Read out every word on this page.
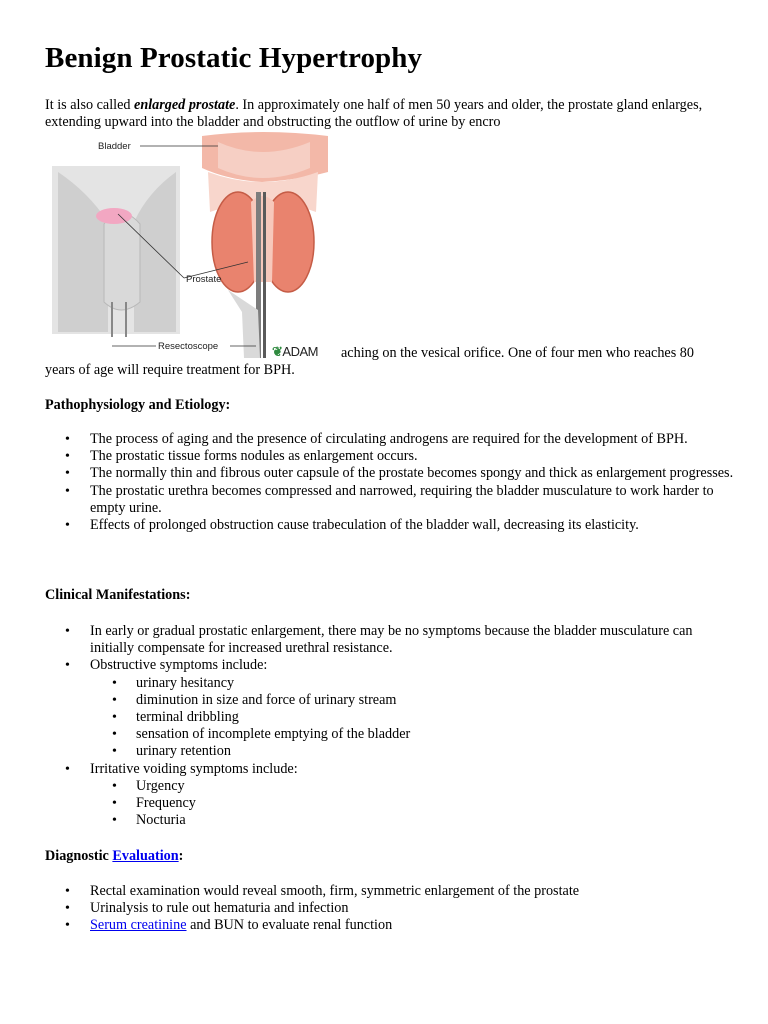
Benign Prostatic Hypertrophy

It is also called enlarged prostate. In approximately one half of men 50 years and older, the prostate gland enlarges, extending upward into the bladder and obstructing the outflow of urine by encro

Bladder
Prostate
Resectoscope	❦ADAM aching on the vesical orifice. One of four men who reaches 80

years of age will require treatment for BPH.

Pathophysiology and Etiology:

• The process of aging and the presence of circulating androgens are required for the development of BPH.
• The prostatic tissue forms nodules as enlargement occurs.
• The normally thin and fibrous outer capsule of the prostate becomes spongy and thick as enlargement progresses.
• The prostatic urethra becomes compressed and narrowed, requiring the bladder musculature to work harder to empty urine.
• Effects of prolonged obstruction cause trabeculation of the bladder wall, decreasing its elasticity.

Clinical Manifestations:

• In early or gradual prostatic enlargement, there may be no symptoms because the bladder musculature can initially compensate for increased urethral resistance.
• Obstructive symptoms include:
• urinary hesitancy
• diminution in size and force of urinary stream
• terminal dribbling
• sensation of incomplete emptying of the bladder
• urinary retention
• Irritative voiding symptoms include:
• Urgency
• Frequency
• Nocturia

Diagnostic Evaluation:

• Rectal examination would reveal smooth, firm, symmetric enlargement of the prostate
• Urinalysis to rule out hematuria and infection
• Serum creatinine and BUN to evaluate renal function
